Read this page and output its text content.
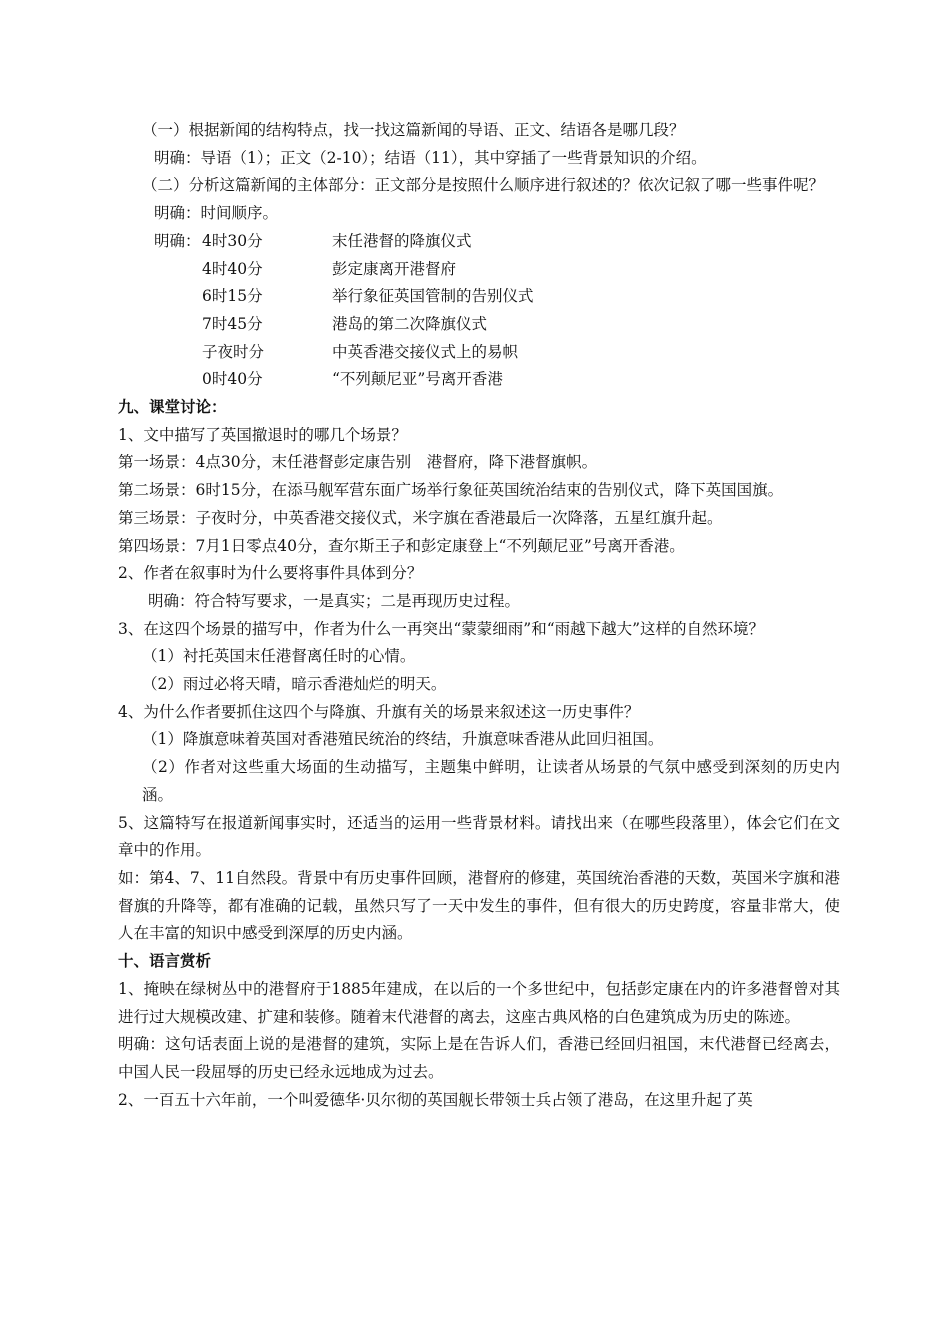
（一）根据新闻的结构特点，找一找这篇新闻的导语、正文、结语各是哪几段？

明确：导语（1）；正文（2-10）；结语（11），其中穿插了一些背景知识的介绍。

（二）分析这篇新闻的主体部分：正文部分是按照什么顺序进行叙述的？依次记叙了哪一些事件呢？

明确：时间顺序。

明确：4时30分	末任港督的降旗仪式
4时40分	彭定康离开港督府
6时15分	举行象征英国管制的告别仪式
7时45分	港岛的第二次降旗仪式
子夜时分	中英香港交接仪式上的易帜
0时40分	“不列颠尼亚”号离开香港

九、课堂讨论：

1、文中描写了英国撤退时的哪几个场景？

第一场景：4点30分，末任港督彭定康告别　港督府，降下港督旗帜。

第二场景：6时15分，在添马舰军营东面广场举行象征英国统治结束的告别仪式，降下英国国旗。

第三场景：子夜时分，中英香港交接仪式，米字旗在香港最后一次降落，五星红旗升起。

第四场景：7月1日零点40分，查尔斯王子和彭定康登上“不列颠尼亚”号离开香港。

2、作者在叙事时为什么要将事件具体到分？

明确：符合特写要求，一是真实；二是再现历史过程。

3、在这四个场景的描写中，作者为什么一再突出“蒙蒙细雨”和“雨越下越大”这样的自然环境？

（1）衬托英国末任港督离任时的心情。

（2）雨过必将天晴，暗示香港灿烂的明天。

4、为什么作者要抓住这四个与降旗、升旗有关的场景来叙述这一历史事件？

（1）降旗意味着英国对香港殖民统治的终结，升旗意味香港从此回归祖国。

（2）作者对这些重大场面的生动描写，主题集中鲜明，让读者从场景的气氛中感受到深刻的历史内涵。

5、这篇特写在报道新闻事实时，还适当的运用一些背景材料。请找出来（在哪些段落里），体会它们在文章中的作用。

如：第4、7、11自然段。背景中有历史事件回顾，港督府的修建，英国统治香港的天数，英国米字旗和港督旗的升降等，都有准确的记载，虽然只写了一天中发生的事件，但有很大的历史跨度，容量非常大，使人在丰富的知识中感受到深厚的历史内涵。

十、语言赏析

1、掩映在绿树丛中的港督府于1885年建成，在以后的一个多世纪中，包括彭定康在内的许多港督曾对其进行过大规模改建、扩建和装修。随着末代港督的离去，这座古典风格的白色建筑成为历史的陈迹。

明确：这句话表面上说的是港督的建筑，实际上是在告诉人们，香港已经回归祖国，末代港督已经离去，中国人民一段屈辱的历史已经永远地成为过去。

2、一百五十六年前，一个叫爱德华·贝尔彻的英国舰长带领士兵占领了港岛，在这里升起了英
